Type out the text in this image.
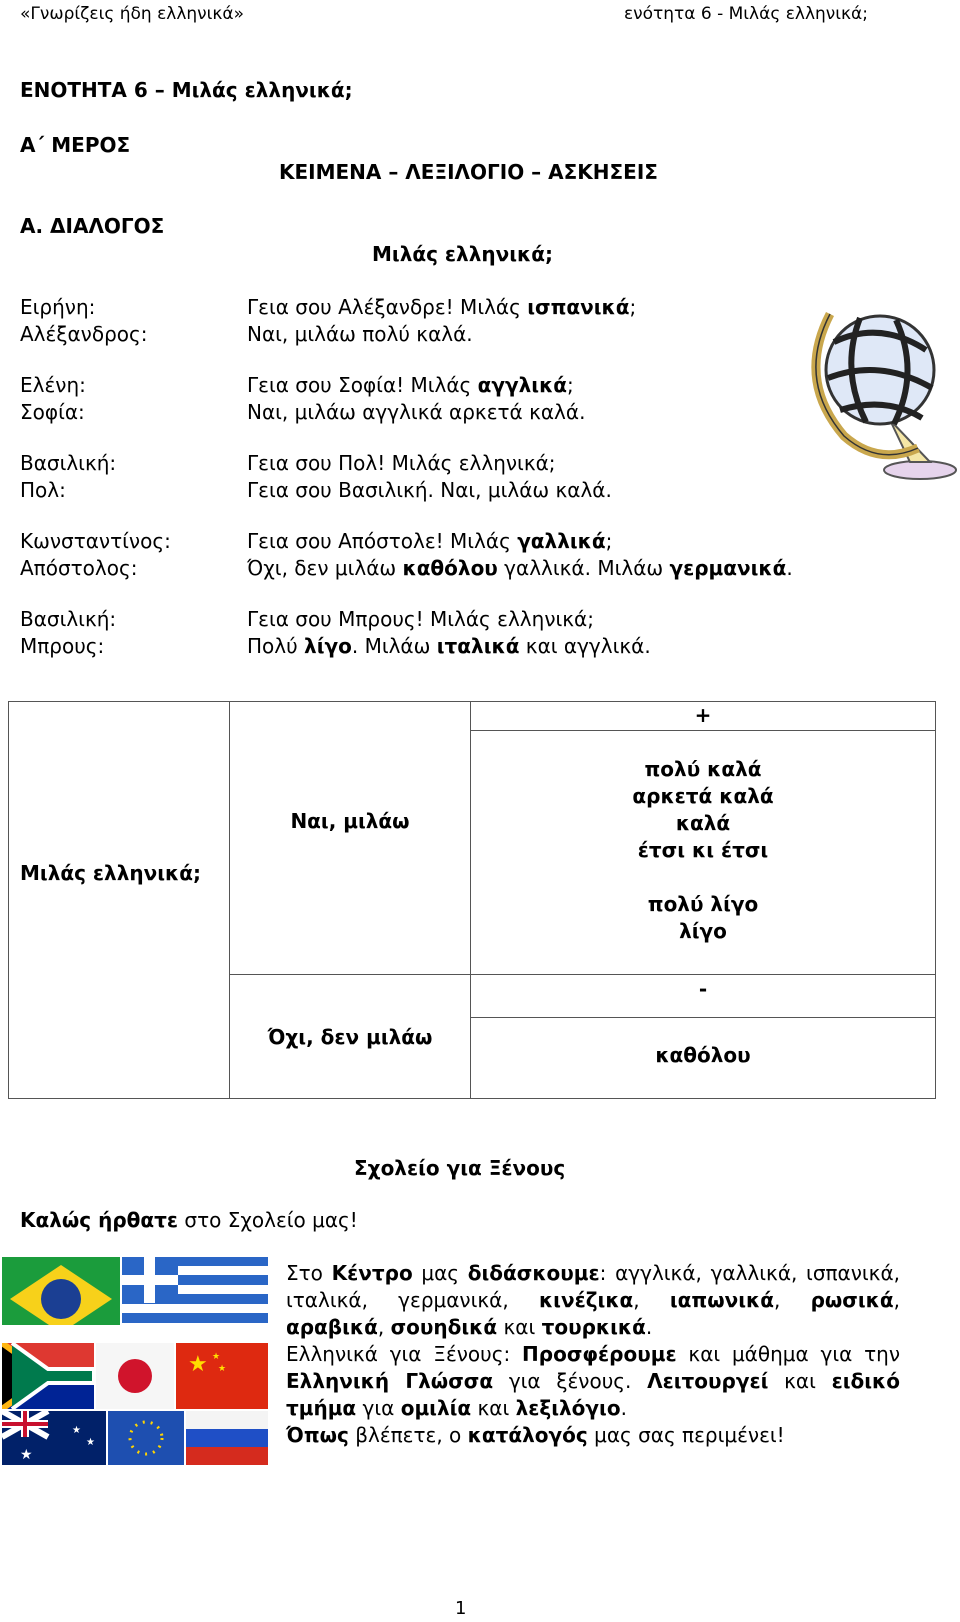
«Γνωρίζεις ήδη ελληνικά»	ενότητα 6 - Μιλάς ελληνικά;
ΕΝΟΤΗΤΑ 6 – Μιλάς ελληνικά;
Α΄ ΜΕΡΟΣ
ΚΕΙΜΕΝΑ – ΛΕΞΙΛΟΓΙΟ – ΑΣΚΗΣΕΙΣ
Α. ΔΙΑΛΟΓΟΣ
Μιλάς ελληνικά;
Ειρήνη:
Αλέξανδρος:
Γεια σου Αλέξανδρε! Μιλάς ισπανικά;
Ναι, μιλάω πολύ καλά.
Ελένη:
Σοφία:
Γεια σου Σοφία! Μιλάς αγγλικά;
Ναι, μιλάω αγγλικά αρκετά καλά.
Βασιλική:
Πολ:
Γεια σου Πολ! Μιλάς ελληνικά;
Γεια σου Βασιλική. Ναι, μιλάω καλά.
Κωνσταντίνος:
Απόστολος:
Γεια σου Απόστολε! Μιλάς γαλλικά;
Όχι, δεν μιλάω καθόλου γαλλικά. Μιλάω γερμανικά.
Βασιλική:
Μπρους:
Γεια σου Μπρους! Μιλάς ελληνικά;
Πολύ λίγο. Μιλάω ιταλικά και αγγλικά.
Μιλάς ελληνικά;
Ναι, μιλάω
Όχι, δεν μιλάω
+
-
πολύ καλά
αρκετά καλά
καλά
έτσι κι έτσι
πολύ λίγο
λίγο
καθόλου
Σχολείο για Ξένους
Καλώς ήρθατε στο Σχολείο μας!
★ ★
★
★
★
★

Στο Κέντρο μας διδάσκουμε: αγγλικά, γαλλικά, ισπανικά, ιταλικά, γερμανικά, κινέζικα, ιαπωνικά, ρωσικά, αραβικά, σουηδικά και τουρκικά.

Ελληνικά για Ξένους: Προσφέρουμε και μάθημα για την Ελληνική Γλώσσα για ξένους. Λειτουργεί και ειδικό τμήμα για ομιλία και λεξιλόγιο.

Όπως βλέπετε, ο κατάλογός μας σας περιμένει!

1
